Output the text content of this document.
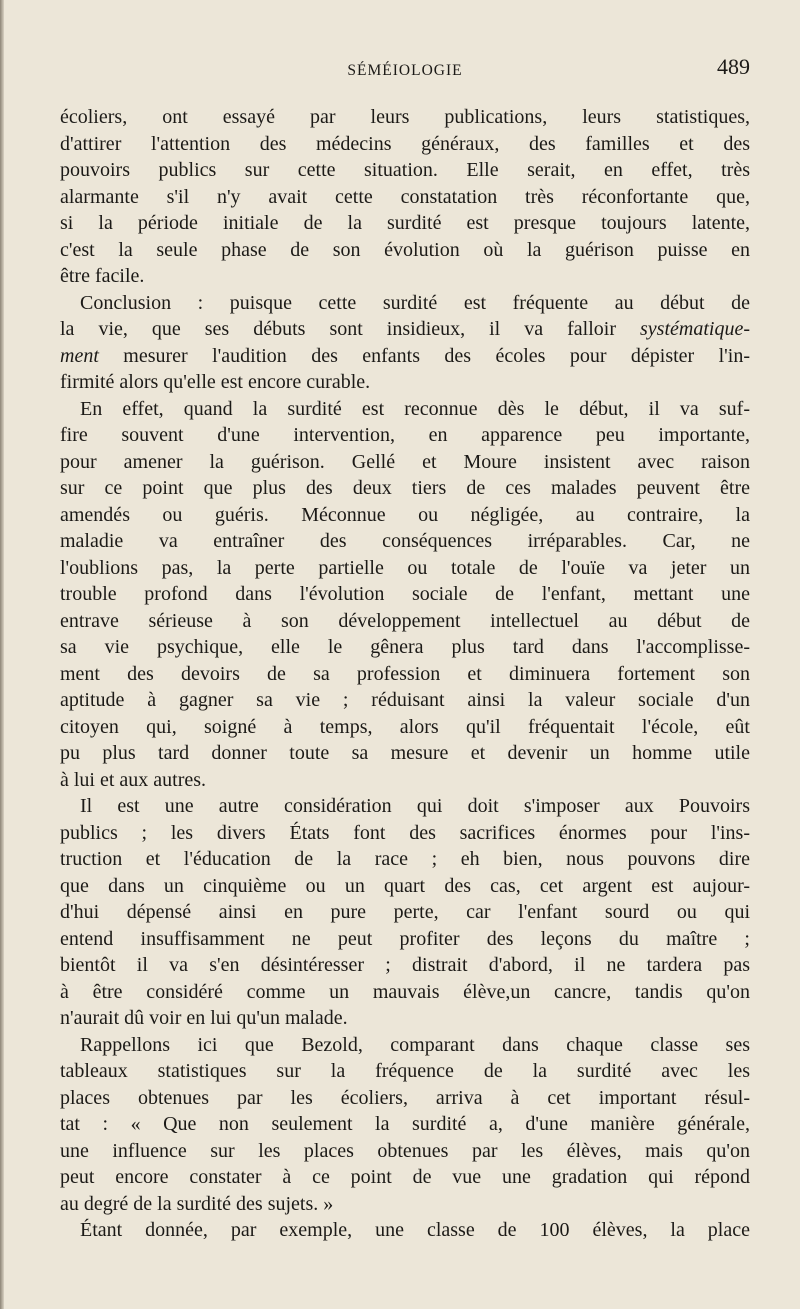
SÉMÉIOLOGIE	489
écoliers, ont essayé par leurs publications, leurs statistiques,
d'attirer l'attention des médecins généraux, des familles et des
pouvoirs publics sur cette situation. Elle serait, en effet, très
alarmante s'il n'y avait cette constatation très réconfortante que,
si la période initiale de la surdité est presque toujours latente,
c'est la seule phase de son évolution où la guérison puisse en
être facile.
Conclusion : puisque cette surdité est fréquente au début de
la vie, que ses débuts sont insidieux, il va falloir systématique-
ment mesurer l'audition des enfants des écoles pour dépister l'in-
firmité alors qu'elle est encore curable.
En effet, quand la surdité est reconnue dès le début, il va suf-
fire souvent d'une intervention, en apparence peu importante,
pour amener la guérison. Gellé et Moure insistent avec raison
sur ce point que plus des deux tiers de ces malades peuvent être
amendés ou guéris. Méconnue ou négligée, au contraire, la
maladie va entraîner des conséquences irréparables. Car, ne
l'oublions pas, la perte partielle ou totale de l'ouïe va jeter un
trouble profond dans l'évolution sociale de l'enfant, mettant une
entrave sérieuse à son développement intellectuel au début de
sa vie psychique, elle le gênera plus tard dans l'accomplisse-
ment des devoirs de sa profession et diminuera fortement son
aptitude à gagner sa vie ; réduisant ainsi la valeur sociale d'un
citoyen qui, soigné à temps, alors qu'il fréquentait l'école, eût
pu plus tard donner toute sa mesure et devenir un homme utile
à lui et aux autres.
Il est une autre considération qui doit s'imposer aux Pouvoirs
publics ; les divers États font des sacrifices énormes pour l'ins-
truction et l'éducation de la race ; eh bien, nous pouvons dire
que dans un cinquième ou un quart des cas, cet argent est aujour-
d'hui dépensé ainsi en pure perte, car l'enfant sourd ou qui
entend insuffisamment ne peut profiter des leçons du maître ;
bientôt il va s'en désintéresser ; distrait d'abord, il ne tardera pas
à être considéré comme un mauvais élève,un cancre, tandis qu'on
n'aurait dû voir en lui qu'un malade.
Rappellons ici que Bezold, comparant dans chaque classe ses
tableaux statistiques sur la fréquence de la surdité avec les
places obtenues par les écoliers, arriva à cet important résul-
tat : « Que non seulement la surdité a, d'une manière générale,
une influence sur les places obtenues par les élèves, mais qu'on
peut encore constater à ce point de vue une gradation qui répond
au degré de la surdité des sujets. »
Étant donnée, par exemple, une classe de 100 élèves, la place
